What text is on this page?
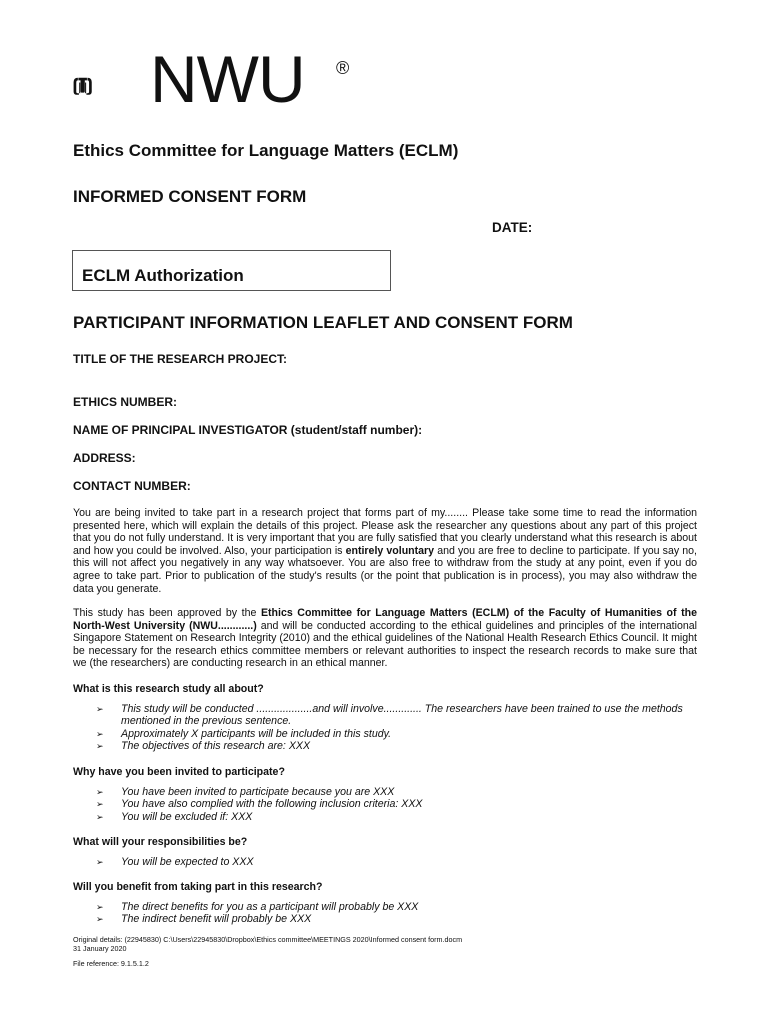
NWU ®
Ethics Committee for Language Matters (ECLM)
INFORMED CONSENT FORM
DATE:
ECLM Authorization
PARTICIPANT INFORMATION LEAFLET AND CONSENT FORM
TITLE OF THE RESEARCH PROJECT:
ETHICS NUMBER:
NAME OF PRINCIPAL INVESTIGATOR (student/staff number):
ADDRESS:
CONTACT NUMBER:
You are being invited to take part in a research project that forms part of my........ Please take some time to read the information presented here, which will explain the details of this project. Please ask the researcher any questions about any part of this project that you do not fully understand. It is very important that you are fully satisfied that you clearly understand what this research is about and how you could be involved. Also, your participation is entirely voluntary and you are free to decline to participate. If you say no, this will not affect you negatively in any way whatsoever. You are also free to withdraw from the study at any point, even if you do agree to take part. Prior to publication of the study's results (or the point that publication is in process), you may also withdraw the data you generate.
This study has been approved by the Ethics Committee for Language Matters (ECLM) of the Faculty of Humanities of the North-West University (NWU............) and will be conducted according to the ethical guidelines and principles of the international Singapore Statement on Research Integrity (2010) and the ethical guidelines of the National Health Research Ethics Council. It might be necessary for the research ethics committee members or relevant authorities to inspect the research records to make sure that we (the researchers) are conducting research in an ethical manner.
What is this research study all about?
➢ This study will be conducted ...................and will involve............. The researchers have been trained to use the methods mentioned in the previous sentence.
➢ Approximately X participants will be included in this study.
➢ The objectives of this research are: XXX
Why have you been invited to participate?
➢ You have been invited to participate because you are XXX
➢ You have also complied with the following inclusion criteria: XXX
➢ You will be excluded if: XXX
What will your responsibilities be?
➢ You will be expected to XXX
Will you benefit from taking part in this research?
➢ The direct benefits for you as a participant will probably be XXX
➢ The indirect benefit will probably be XXX
Original details: (22945830) C:\Users\22945830\Dropbox\Ethics committee\MEETINGS 2020\Informed consent form.docm
31 January 2020
File reference: 9.1.5.1.2
